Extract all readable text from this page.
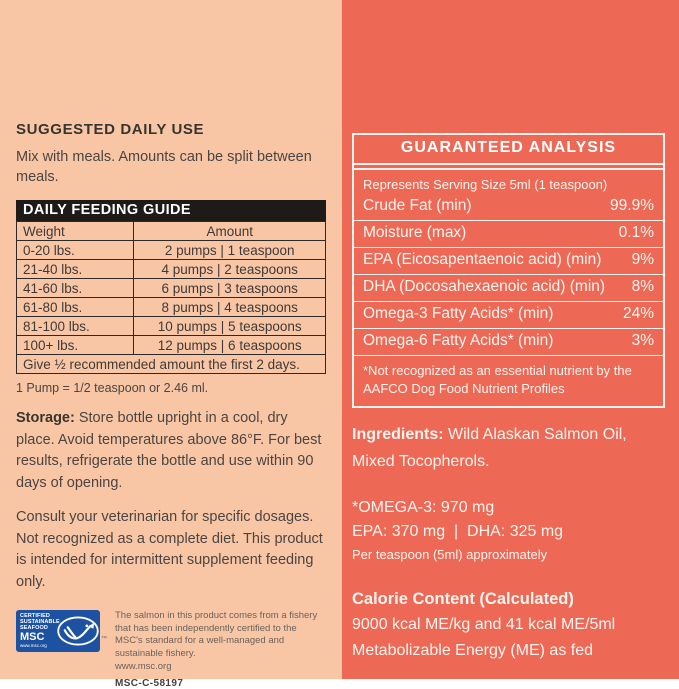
SUGGESTED DAILY USE
Mix with meals. Amounts can be split between meals.
DAILY FEEDING GUIDE
Weight	Amount
0-20 lbs.	2 pumps | 1 teaspoon
21-40 lbs.	4 pumps | 2 teaspoons
41-60 lbs.	6 pumps | 3 teaspoons
61-80 lbs.	8 pumps | 4 teaspoons
81-100 lbs.	10 pumps | 5 teaspoons
100+ lbs.	12 pumps | 6 teaspoons
Give ½ recommended amount the first 2 days.	
1 Pump = 1/2 teaspoon or 2.46 ml.
Storage: Store bottle upright in a cool, dry place. Avoid temperatures above 86°F. For best results, refrigerate the bottle and use within 90 days of opening.
Consult your veterinarian for specific dosages. Not recognized as a complete diet. This product is intended for intermittent supplement feeding only.
CERTIFIED
SUSTAINABLE
SEAFOOD
MSC
www.msc.org
™
The salmon in this product comes from a fishery that has been independently certified to the MSC's standard for a well-managed and sustainable fishery.
www.msc.org
MSC-C-58197
GUARANTEED ANALYSIS
Represents Serving Size 5ml (1 teaspoon)
Crude Fat (min)	99.9%
Moisture (max)	0.1%
EPA (Eicosapentaenoic acid) (min) 9%
DHA (Docosahexaenoic acid) (min) 8%
Omega-3 Fatty Acids* (min)	24%
Omega-6 Fatty Acids* (min)	3%
*Not recognized as an essential nutrient by the AAFCO Dog Food Nutrient Profiles
Ingredients: Wild Alaskan Salmon Oil, Mixed Tocopherols.
*OMEGA-3: 970 mg
EPA: 370 mg  |  DHA: 325 mg
Per teaspoon (5ml) approximately
Calorie Content (Calculated)
9000 kcal ME/kg and 41 kcal ME/5ml
Metabolizable Energy (ME) as fed
